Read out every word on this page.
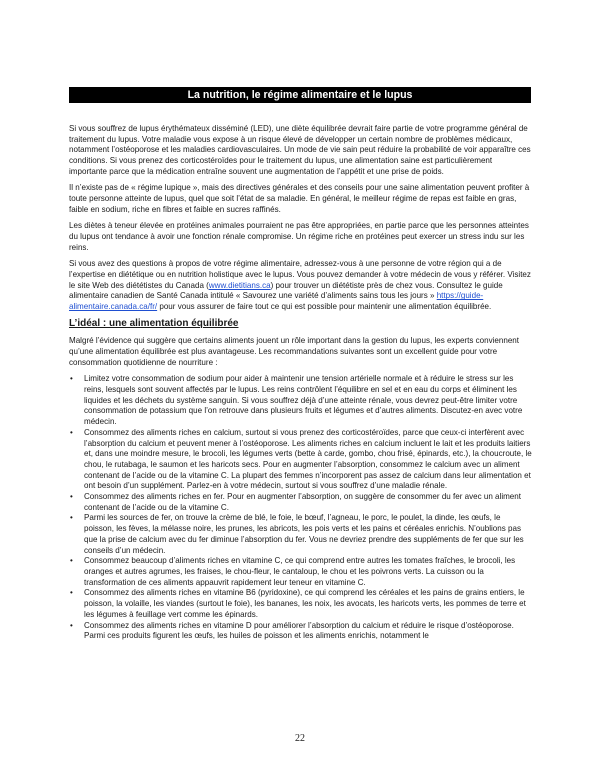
La nutrition, le régime alimentaire et le lupus

Si vous souffrez de lupus érythémateux disséminé (LED), une diète équilibrée devrait faire partie de votre programme général de traitement du lupus. Votre maladie vous expose à un risque élevé de développer un certain nombre de problèmes médicaux, notamment l’ostéoporose et les maladies cardiovasculaires. Un mode de vie sain peut réduire la probabilité de voir apparaître ces conditions. Si vous prenez des corticostéroïdes pour le traitement du lupus, une alimentation saine est particulièrement importante parce que la médication entraîne souvent une augmentation de l’appétit et une prise de poids.

Il n’existe pas de « régime lupique », mais des directives générales et des conseils pour une saine alimentation peuvent profiter à toute personne atteinte de lupus, quel que soit l’état de sa maladie. En général, le meilleur régime de repas est faible en gras, faible en sodium, riche en fibres et faible en sucres raffinés.

Les diètes à teneur élevée en protéines animales pourraient ne pas être appropriées, en partie parce que les personnes atteintes du lupus ont tendance à avoir une fonction rénale compromise. Un régime riche en protéines peut exercer un stress indu sur les reins.

Si vous avez des questions à propos de votre régime alimentaire, adressez-vous à une personne de votre région qui a de l’expertise en diététique ou en nutrition holistique avec le lupus. Vous pouvez demander à votre médecin de vous y référer. Visitez le site Web des diététistes du Canada (www.dietitians.ca) pour trouver un diététiste près de chez vous. Consultez le guide alimentaire canadien de Santé Canada intitulé « Savourez une variété d’aliments sains tous les jours » https://guide-alimentaire.canada.ca/fr/ pour vous assurer de faire tout ce qui est possible pour maintenir une alimentation équilibrée.

L’idéal : une alimentation équilibrée

Malgré l’évidence qui suggère que certains aliments jouent un rôle important dans la gestion du lupus, les experts conviennent qu’une alimentation équilibrée est plus avantageuse. Les recommandations suivantes sont un excellent guide pour votre consommation quotidienne de nourriture :

• Limitez votre consommation de sodium pour aider à maintenir une tension artérielle normale et à réduire le stress sur les reins, lesquels sont souvent affectés par le lupus. Les reins contrôlent l’équilibre en sel et en eau du corps et éliminent les liquides et les déchets du système sanguin. Si vous souffrez déjà d’une atteinte rénale, vous devrez peut-être limiter votre consommation de potassium que l’on retrouve dans plusieurs fruits et légumes et d’autres aliments. Discutez-en avec votre médecin.
• Consommez des aliments riches en calcium, surtout si vous prenez des corticostéroïdes, parce que ceux-ci interfèrent avec l’absorption du calcium et peuvent mener à l’ostéoporose. Les aliments riches en calcium incluent le lait et les produits laitiers et, dans une moindre mesure, le brocoli, les légumes verts (bette à carde, gombo, chou frisé, épinards, etc.), la choucroute, le chou, le rutabaga, le saumon et les haricots secs. Pour en augmenter l’absorption, consommez le calcium avec un aliment contenant de l’acide ou de la vitamine C. La plupart des femmes n’incorporent pas assez de calcium dans leur alimentation et ont besoin d’un supplément. Parlez-en à votre médecin, surtout si vous souffrez d’une maladie rénale.
• Consommez des aliments riches en fer. Pour en augmenter l’absorption, on suggère de consommer du fer avec un aliment contenant de l’acide ou de la vitamine C.
• Parmi les sources de fer, on trouve la crème de blé, le foie, le bœuf, l’agneau, le porc, le poulet, la dinde, les œufs, le poisson, les fèves, la mélasse noire, les prunes, les abricots, les pois verts et les pains et céréales enrichis. N’oublions pas que la prise de calcium avec du fer diminue l’absorption du fer. Vous ne devriez prendre des suppléments de fer que sur les conseils d’un médecin.
• Consommez beaucoup d’aliments riches en vitamine C, ce qui comprend entre autres les tomates fraîches, le brocoli, les oranges et autres agrumes, les fraises, le chou-fleur, le cantaloup, le chou et les poivrons verts. La cuisson ou la transformation de ces aliments appauvrit rapidement leur teneur en vitamine C.
• Consommez des aliments riches en vitamine B6 (pyridoxine), ce qui comprend les céréales et les pains de grains entiers, le poisson, la volaille, les viandes (surtout le foie), les bananes, les noix, les avocats, les haricots verts, les pommes de terre et les légumes à feuillage vert comme les épinards.
• Consommez des aliments riches en vitamine D pour améliorer l’absorption du calcium et réduire le risque d’ostéoporose. Parmi ces produits figurent les œufs, les huiles de poisson et les aliments enrichis, notamment le
22
